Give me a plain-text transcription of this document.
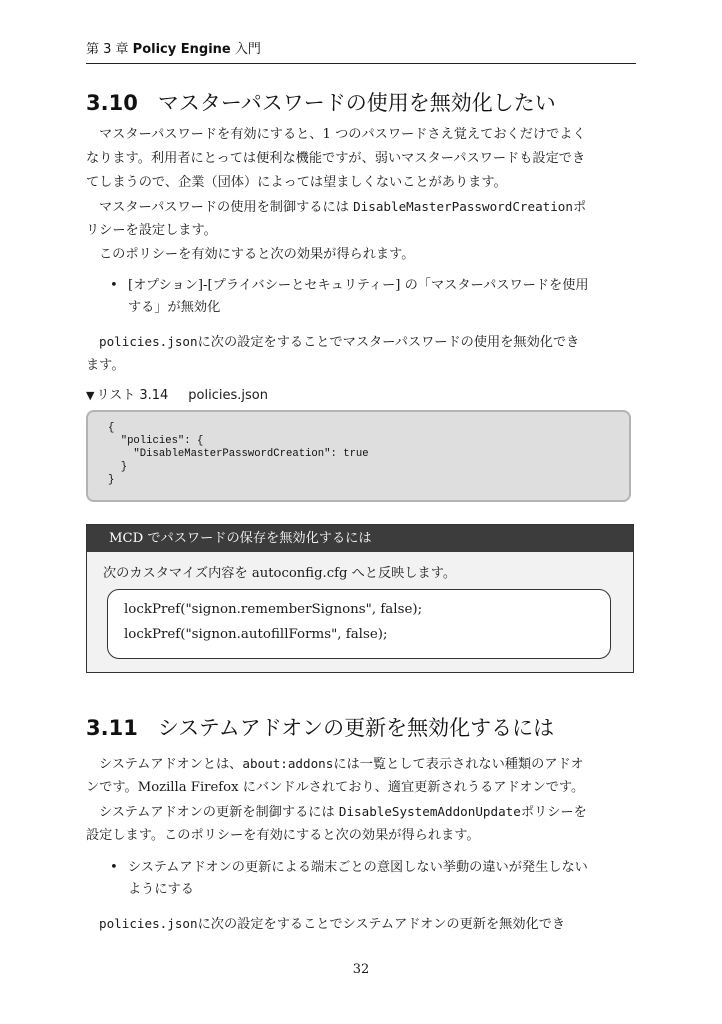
第 3 章 Policy Engine 入門
3.10 マスターパスワードの使用を無効化したい
マスターパスワードを有効にすると、1 つのパスワードさえ覚えておくだけでよく
なります。利用者にとっては便利な機能ですが、弱いマスターパスワードも設定でき
てしまうので、企業（団体）によっては望ましくないことがあります。
マスターパスワードの使用を制御するには DisableMasterPasswordCreationポ
リシーを設定します。
このポリシーを有効にすると次の効果が得られます。
• [オプション]-[プライバシーとセキュリティー] の「マスターパスワードを使用
する」が無効化
policies.jsonに次の設定をすることでマスターパスワードの使用を無効化でき
ます。
▼ リスト 3.14 policies.json
{
"policies": {
"DisableMasterPasswordCreation": true
}
}
MCD でパスワードの保存を無効化するには
次のカスタマイズ内容を autoconfig.cfg へと反映します。
lockPref("signon.rememberSignons", false);
lockPref("signon.autofillForms", false);
3.11 システムアドオンの更新を無効化するには
システムアドオンとは、about:addonsには一覧として表示されない種類のアドオ
ンです。Mozilla Firefox にバンドルされており、適宜更新されうるアドオンです。
システムアドオンの更新を制御するには DisableSystemAddonUpdateポリシーを
設定します。このポリシーを有効にすると次の効果が得られます。
• システムアドオンの更新による端末ごとの意図しない挙動の違いが発生しない
ようにする
policies.jsonに次の設定をすることでシステムアドオンの更新を無効化でき
32
